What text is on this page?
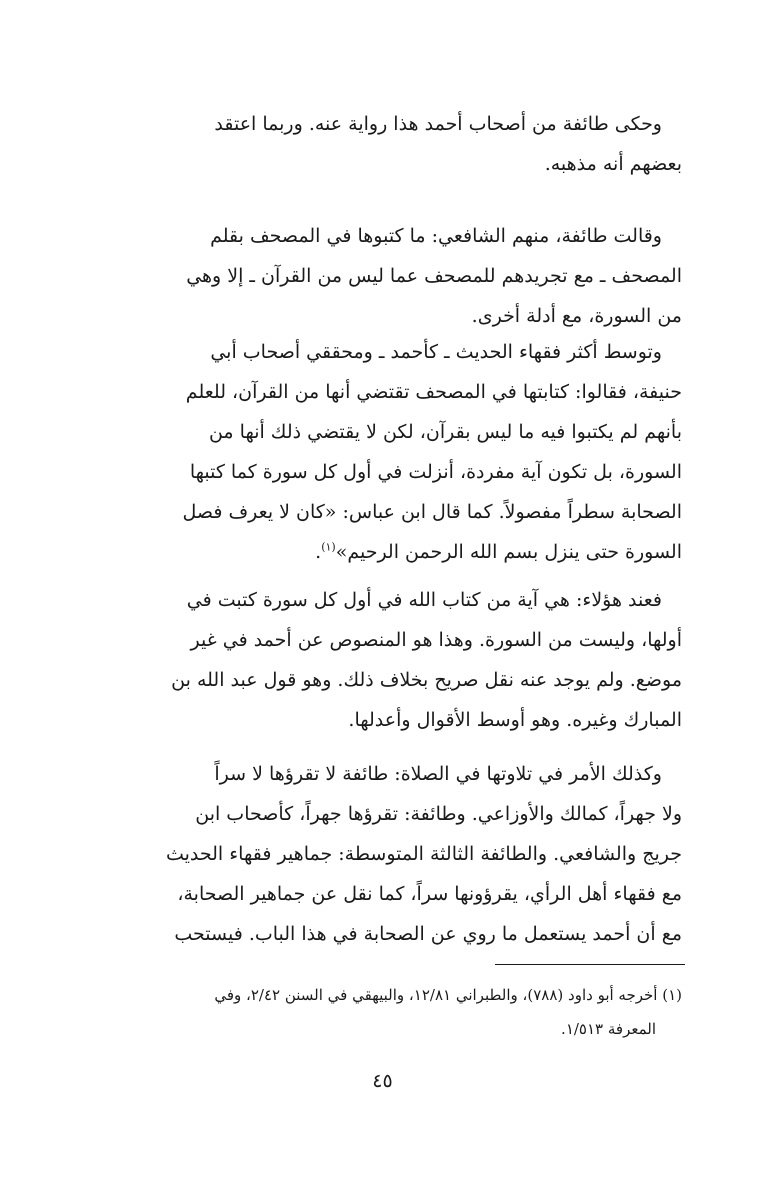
وحكى طائفة من أصحاب أحمد هذا رواية عنه. وربما اعتقد
بعضهم أنه مذهبه.
وقالت طائفة، منهم الشافعي: ما كتبوها في المصحف بقلم
المصحف ـ مع تجريدهم للمصحف عما ليس من القرآن ـ إلا وهي
من السورة، مع أدلة أخرى.
وتوسط أكثر فقهاء الحديث ـ كأحمد ـ ومحققي أصحاب أبي
حنيفة، فقالوا: كتابتها في المصحف تقتضي أنها من القرآن، للعلم
بأنهم لم يكتبوا فيه ما ليس بقرآن، لكن لا يقتضي ذلك أنها من
السورة، بل تكون آية مفردة، أنزلت في أول كل سورة كما كتبها
الصحابة سطراً مفصولاً. كما قال ابن عباس: «كان لا يعرف فصل
السورة حتى ينزل بسم الله الرحمن الرحيم»$^{(١)}$.
فعند هؤلاء: هي آية من كتاب الله في أول كل سورة كتبت في
أولها، وليست من السورة. وهذا هو المنصوص عن أحمد في غير
موضع. ولم يوجد عنه نقل صريح بخلاف ذلك. وهو قول عبد الله بن
المبارك وغيره. وهو أوسط الأقوال وأعدلها.
وكذلك الأمر في تلاوتها في الصلاة: طائفة لا تقرؤها لا سراً
ولا جهراً، كمالك والأوزاعي. وطائفة: تقرؤها جهراً، كأصحاب ابن
جريج والشافعي. والطائفة الثالثة المتوسطة: جماهير فقهاء الحديث
مع فقهاء أهل الرأي، يقرؤونها سراً، كما نقل عن جماهير الصحابة،
مع أن أحمد يستعمل ما روي عن الصحابة في هذا الباب. فيستحب
(١) أخرجه أبو داود (٧٨٨)، والطبراني ١٢/٨١، والبيهقي في السنن ٢/٤٢، وفي
المعرفة ١/٥١٣.
٤٥
